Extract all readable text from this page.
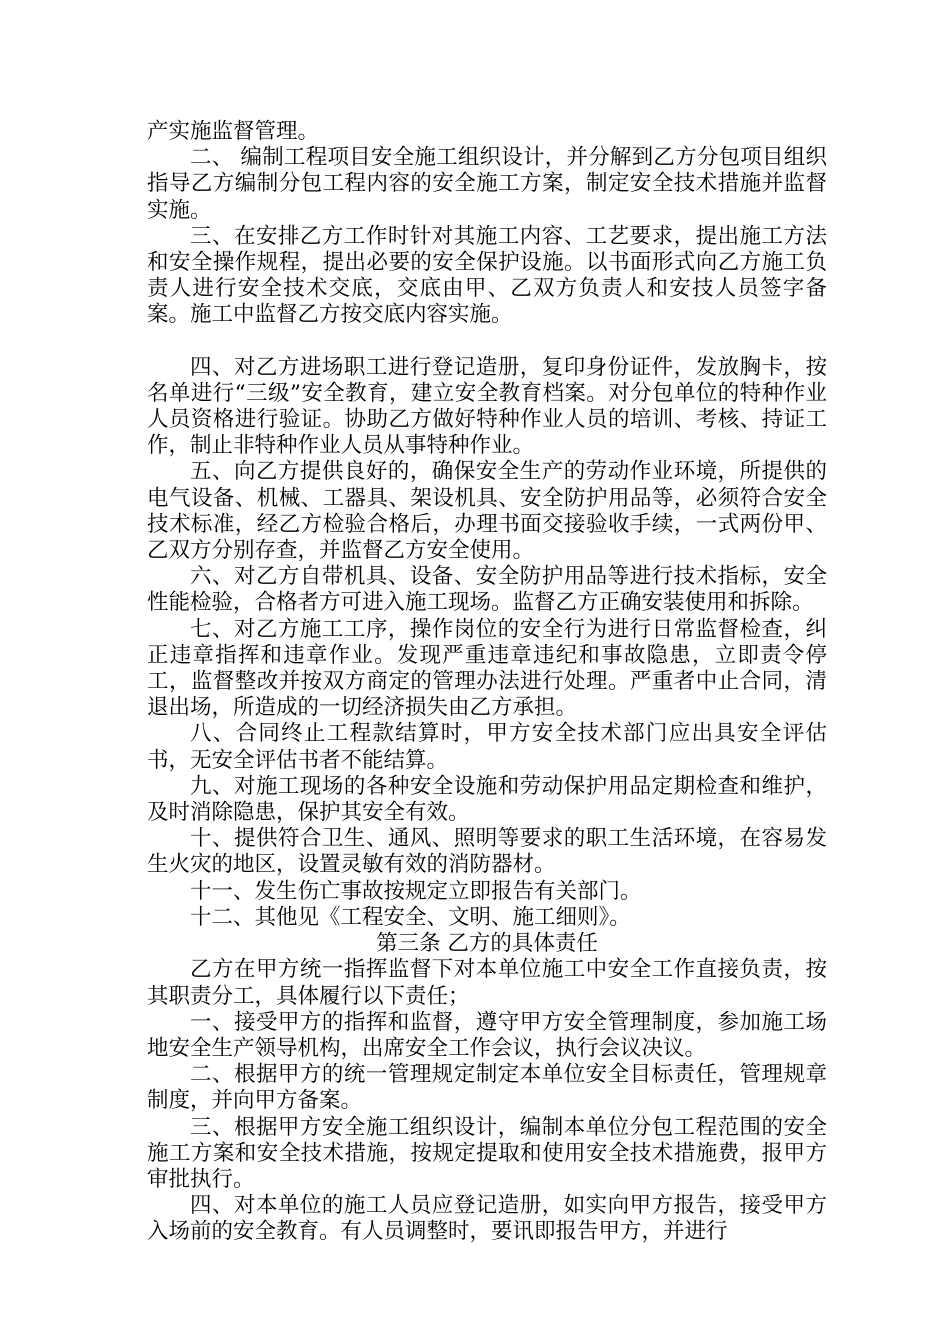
产实施监督管理。

二、 编制工程项目安全施工组织设计，并分解到乙方分包项目组织指导乙方编制分包工程内容的安全施工方案，制定安全技术措施并监督实施。

三、在安排乙方工作时针对其施工内容、工艺要求，提出施工方法和安全操作规程，提出必要的安全保护设施。以书面形式向乙方施工负责人进行安全技术交底，交底由甲、乙双方负责人和安技人员签字备案。施工中监督乙方按交底内容实施。

四、对乙方进场职工进行登记造册，复印身份证件，发放胸卡，按名单进行“三级”安全教育，建立安全教育档案。对分包单位的特种作业人员资格进行验证。协助乙方做好特种作业人员的培训、考核、持证工作，制止非特种作业人员从事特种作业。

五、向乙方提供良好的，确保安全生产的劳动作业环境，所提供的电气设备、机械、工器具、架设机具、安全防护用品等，必须符合安全技术标准，经乙方检验合格后，办理书面交接验收手续，一式两份甲、乙双方分别存查，并监督乙方安全使用。

六、对乙方自带机具、设备、安全防护用品等进行技术指标，安全性能检验，合格者方可进入施工现场。监督乙方正确安装使用和拆除。

七、对乙方施工工序，操作岗位的安全行为进行日常监督检查，纠正违章指挥和违章作业。发现严重违章违纪和事故隐患，立即责令停工，监督整改并按双方商定的管理办法进行处理。严重者中止合同，清退出场，所造成的一切经济损失由乙方承担。

八、合同终止工程款结算时，甲方安全技术部门应出具安全评估书，无安全评估书者不能结算。

九、对施工现场的各种安全设施和劳动保护用品定期检查和维护，及时消除隐患，保护其安全有效。

十、提供符合卫生、通风、照明等要求的职工生活环境，在容易发生火灾的地区，设置灵敏有效的消防器材。

十一、发生伤亡事故按规定立即报告有关部门。

十二、其他见《工程安全、文明、施工细则》。

第三条 乙方的具体责任

乙方在甲方统一指挥监督下对本单位施工中安全工作直接负责，按其职责分工，具体履行以下责任；

一、接受甲方的指挥和监督，遵守甲方安全管理制度，参加施工场地安全生产领导机构，出席安全工作会议，执行会议决议。

二、根据甲方的统一管理规定制定本单位安全目标责任，管理规章制度，并向甲方备案。

三、根据甲方安全施工组织设计，编制本单位分包工程范围的安全施工方案和安全技术措施，按规定提取和使用安全技术措施费，报甲方审批执行。

四、对本单位的施工人员应登记造册，如实向甲方报告，接受甲方入场前的安全教育。有人员调整时，要讯即报告甲方，并进行
